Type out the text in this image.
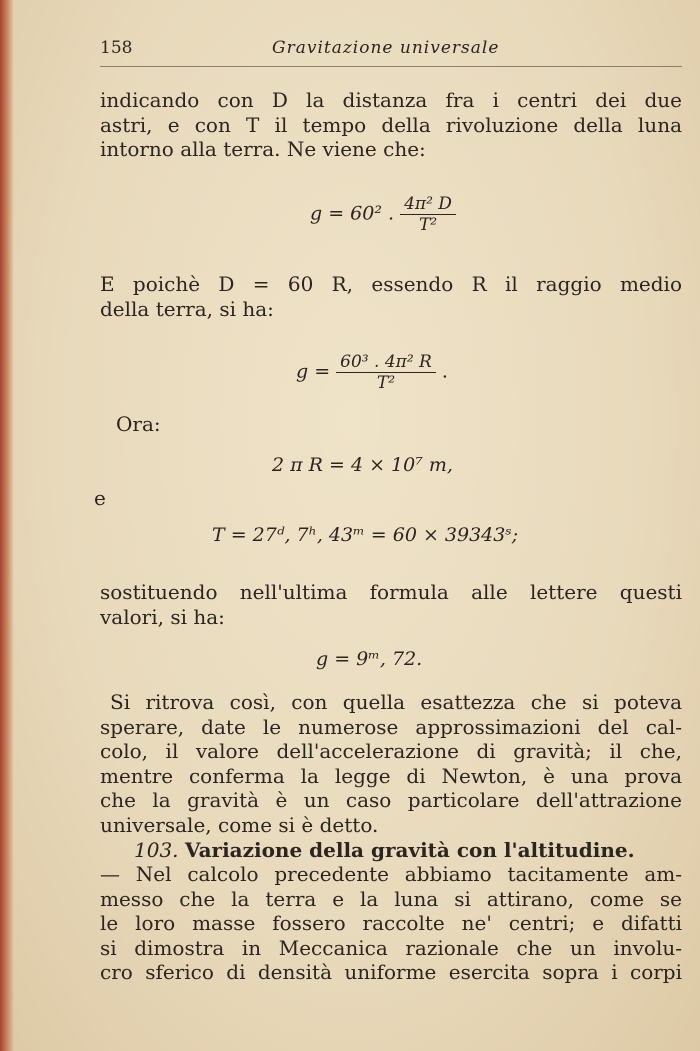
158	Gravitazione universale
indicando con D la distanza fra i centri dei due
astri, e con T il tempo della rivoluzione della luna
intorno alla terra. Ne viene che:
g = 60² . $\frac{\text{4π² D}}{\text{T²}}$
E poichè D = 60 R, essendo R il raggio medio
della terra, si ha:
$g = \frac{\text{60³ . 4π² R}}{\text{T²}}$ .
Ora:
2 π R = 4 × 10⁷ m,
e
T = 27ᵈ, 7ʰ, 43ᵐ = 60 × 39343ˢ;
sostituendo nell'ultima formula alle lettere questi
valori, si ha:
g = 9ᵐ, 72.
Si ritrova così, con quella esattezza che si poteva
sperare, date le numerose approssimazioni del cal-
colo, il valore dell'accelerazione di gravità; il che,
mentre conferma la legge di Newton, è una prova
che la gravità è un caso particolare dell'attrazione
universale, come si è detto.
103. Variazione della gravità con l'altitudine.
— Nel calcolo precedente abbiamo tacitamente am-
messo che la terra e la luna si attirano, come se
le loro masse fossero raccolte ne' centri; e difatti
si dimostra in Meccanica razionale che un involu-
cro sferico di densità uniforme esercita sopra i corpi
